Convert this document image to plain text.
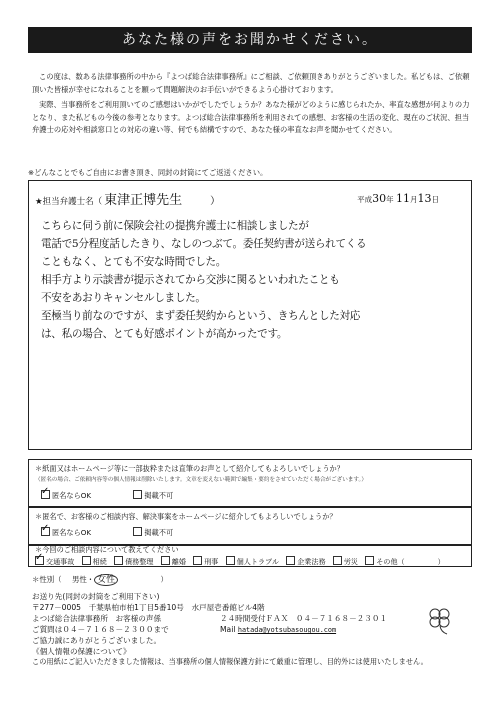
あなた様の声をお聞かせください。

この度は、数ある法律事務所の中から『よつば総合法律事務所』にご相談、ご依頼頂きありがとうございました。私どもは、ご依頼頂いた皆様が幸せになれることを願って問題解決のお手伝いができるよう心掛けております。

実際、当事務所をご利用頂いてのご感想はいかがでしたでしょうか？あなた様がどのように感じられたか、率直な感想が何よりの力となり、また私どもの今後の参考となります。よつば総合法律事務所を利用されての感想、お客様の生活の変化、現在のご状況、担当弁護士の応対や相談窓口との対応の違い等、何でも結構ですので、あなた様の率直なお声を聞かせてください。

※どんなことでもご自由にお書き頂き、同封の封筒にてご返送ください。
★担当弁護士名（ 東津正博先生	）	平成30年 11月13日
こちらに伺う前に保険会社の提携弁護士に相談しましたが
電話で5分程度話したきり、なしのつぶて。委任契約書が送られてくる
こともなく、とても不安な時間でした。
相手方より示談書が提示されてから交渉に関るといわれたことも
不安をあおりキャンセルしました。
至極当り前なのですが、まず委任契約からという、きちんとした対応
は、私の場合、とても好感ポイントが高かったです。
＊紙面又はホームページ等に一部抜粋または直筆のお声として紹介してもよろしいでしょうか？
（匿名の場合、ご依頼内容等の個人情報は削除いたします。文章を変えない範囲で編集・要約をさせていただく場合がございます。）
✓匿名ならOK	掲載不可
＊匿名で、お客様のご相談内容、解決事案をホームページに紹介してもよろしいでしょうか？
✓匿名ならOK	掲載不可
＊今回のご相談内容について教えてください
✓交通事故	相続	債務整理	離婚	刑事	個人トラブル	企業法務	労災	その他（	）
＊性別（ 男性・ 女性	）
お送り先(同封の封筒をご利用下さい)
〒277－0005　千葉県柏市柏1丁目5番10号　水戸屋壱番館ビル4階
よつば総合法律事務所　お客様の声係
ご質問は０４－７１６８－２３００まで
ご協力誠にありがとうございました。
《個人情報の保護について》
２４時間受付ＦＡＸ　０４－７１６８－２３０１
Mail hatada@yotsubasougou.com
この用紙にご記入いただきました情報は、当事務所の個人情報保護方針にて厳重に管理し、目的外には使用いたしません。
